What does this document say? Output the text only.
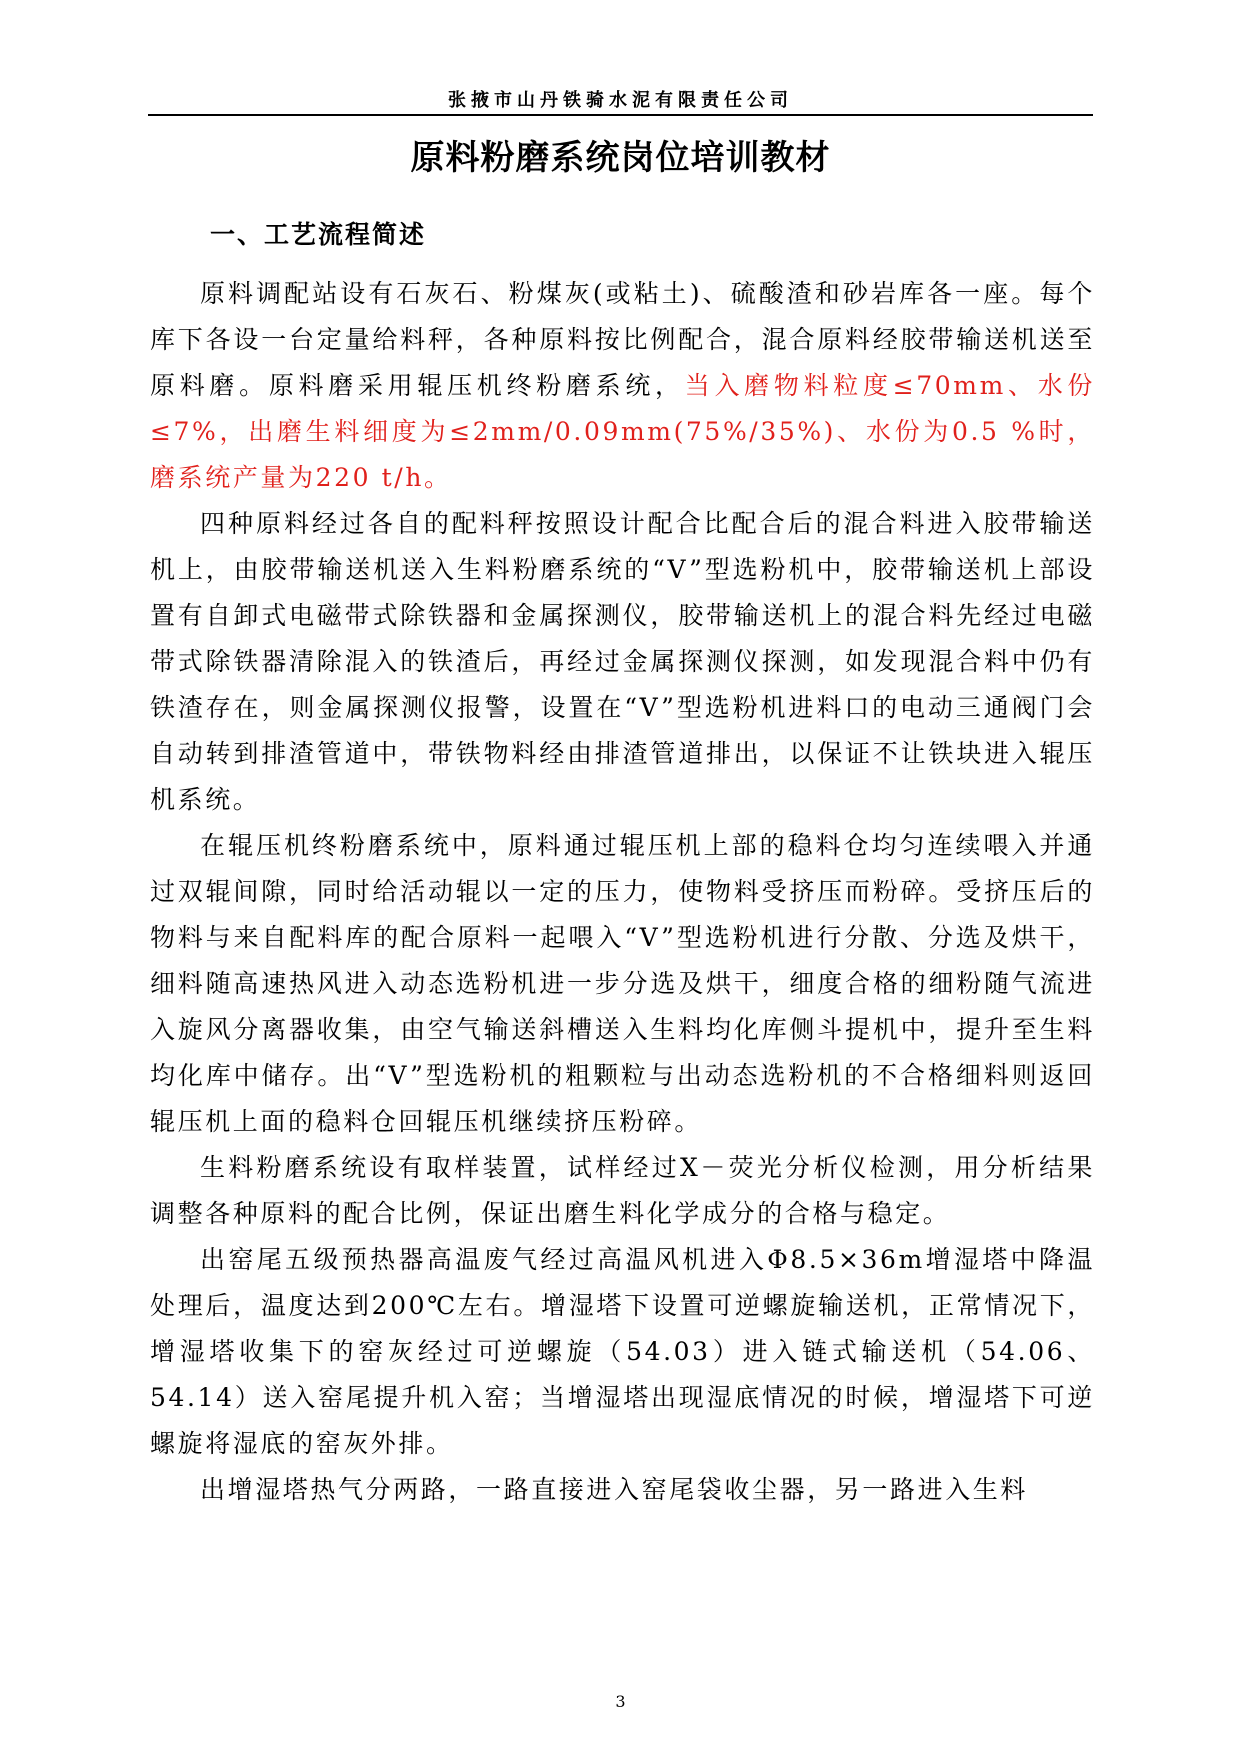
张掖市山丹铁骑水泥有限责任公司
原料粉磨系统岗位培训教材
一、工艺流程简述

原料调配站设有石灰石、粉煤灰(或粘土)、硫酸渣和砂岩库各一座。每个库下各设一台定量给料秤，各种原料按比例配合，混合原料经胶带输送机送至原料磨。原料磨采用辊压机终粉磨系统，当入磨物料粒度≤70mm、水份≤7%，出磨生料细度为≤2mm/0.09mm(75%/35%)、水份为0.5 %时，磨系统产量为220 t/h。

四种原料经过各自的配料秤按照设计配合比配合后的混合料进入胶带输送机上，由胶带输送机送入生料粉磨系统的“V”型选粉机中，胶带输送机上部设置有自卸式电磁带式除铁器和金属探测仪，胶带输送机上的混合料先经过电磁带式除铁器清除混入的铁渣后，再经过金属探测仪探测，如发现混合料中仍有铁渣存在，则金属探测仪报警，设置在“V”型选粉机进料口的电动三通阀门会自动转到排渣管道中，带铁物料经由排渣管道排出，以保证不让铁块进入辊压机系统。

在辊压机终粉磨系统中，原料通过辊压机上部的稳料仓均匀连续喂入并通过双辊间隙，同时给活动辊以一定的压力，使物料受挤压而粉碎。受挤压后的物料与来自配料库的配合原料一起喂入“V”型选粉机进行分散、分选及烘干，细料随高速热风进入动态选粉机进一步分选及烘干，细度合格的细粉随气流进入旋风分离器收集，由空气输送斜槽送入生料均化库侧斗提机中，提升至生料均化库中储存。出“V”型选粉机的粗颗粒与出动态选粉机的不合格细料则返回辊压机上面的稳料仓回辊压机继续挤压粉碎。

生料粉磨系统设有取样装置，试样经过X－荧光分析仪检测，用分析结果调整各种原料的配合比例，保证出磨生料化学成分的合格与稳定。

出窑尾五级预热器高温废气经过高温风机进入Φ8.5×36m增湿塔中降温处理后，温度达到200℃左右。增湿塔下设置可逆螺旋输送机，正常情况下，增湿塔收集下的窑灰经过可逆螺旋（54.03）进入链式输送机（54.06、54.14）送入窑尾提升机入窑；当增湿塔出现湿底情况的时候，增湿塔下可逆螺旋将湿底的窑灰外排。

出增湿塔热气分两路，一路直接进入窑尾袋收尘器，另一路进入生料

3
